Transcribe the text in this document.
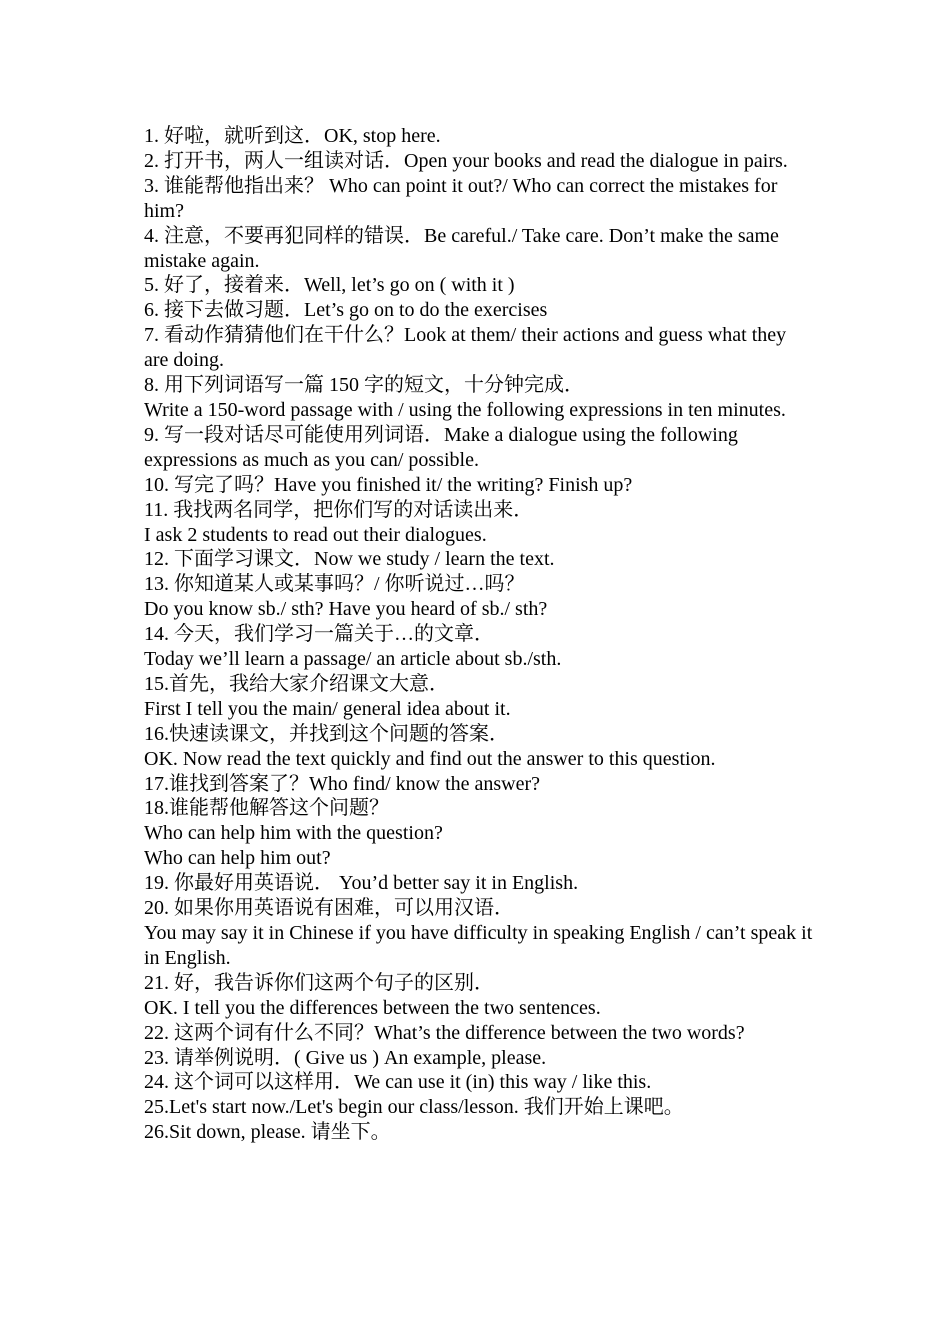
1. 好啦，就听到这．OK, stop here.

2. 打开书，两人一组读对话．Open your books and read the dialogue in pairs.

3. 谁能帮他指出来？ Who can point it out?/ Who can correct the mistakes for him?

4. 注意，不要再犯同样的错误．Be careful./ Take care. Don’t make the same mistake again.

5. 好了，接着来．Well, let’s go on ( with it )

6. 接下去做习题．Let’s go on to do the exercises

7. 看动作猜猜他们在干什么？Look at them/ their actions and guess what they are doing.

8. 用下列词语写一篇 150 字的短文，十分钟完成．

Write a 150-word passage with / using the following expressions in ten minutes.

9. 写一段对话尽可能使用列词语．Make a dialogue using the following expressions as much as you can/ possible.

10. 写完了吗？Have you finished it/ the writing? Finish up?

11. 我找两名同学，把你们写的对话读出来．

I ask 2 students to read out their dialogues.

12. 下面学习课文．Now we study / learn the text.

13. 你知道某人或某事吗？/ 你听说过…吗？

Do you know sb./ sth? Have you heard of sb./ sth?

14. 今天，我们学习一篇关于…的文章．

Today we’ll learn a passage/ an article about sb./sth.

15.首先，我给大家介绍课文大意．

First I tell you the main/ general idea about it.

16.快速读课文，并找到这个问题的答案．

OK. Now read the text quickly and find out the answer to this question.

17.谁找到答案了？Who find/ know the answer?

18.谁能帮他解答这个问题？

Who can help him with the question?

Who can help him out?

19. 你最好用英语说． You’d better say it in English.

20. 如果你用英语说有困难，可以用汉语．

You may say it in Chinese if you have difficulty in speaking English / can’t speak it in English.

21. 好，我告诉你们这两个句子的区别．

OK. I tell you the differences between the two sentences.

22. 这两个词有什么不同？What’s the difference between the two words?

23. 请举例说明．( Give us ) An example, please.

24. 这个词可以这样用．We can use it (in) this way / like this.

25.Let's start now./Let's begin our class/lesson. 我们开始上课吧。

26.Sit down, please. 请坐下。
